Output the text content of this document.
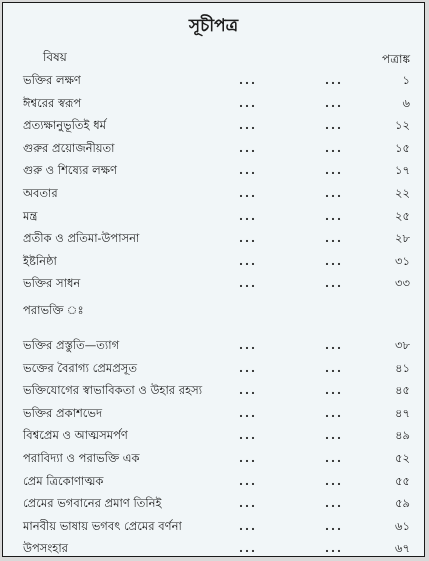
সূচীপত্র
বিষয়	পত্রাঙ্ক
ভক্তির লক্ষণ	...	...	১
ঈশ্বরের স্বরূপ	...	...	৬
প্রত্যক্ষানুভূতিই ধর্ম	...	...	১২
গুরুর প্রয়োজনীয়তা	...	...	১৫
গুরু ও শিষ্যের লক্ষণ	...	...	১৭
অবতার	...	...	২২
মন্ত্র	...	...	২৫
প্রতীক ও প্রতিমা-উপাসনা	...	...	২৮
ইষ্টনিষ্ঠা	...	...	৩১
ভক্তির সাধন	...	...	৩৩
পরাভক্তি ঃ
ভক্তির প্রস্তুতি—ত্যাগ	...	...	৩৮
ভক্তের বৈরাগ্য প্রেমপ্রসূত	...	...	৪১
ভক্তিযোগের স্বাভাবিকতা ও উহার রহস্য	...	...	৪৫
ভক্তির প্রকাশভেদ	...	...	৪৭
বিশ্বপ্রেম ও আত্মসমর্পণ	...	...	৪৯
পরাবিদ্যা ও পরাভক্তি এক	...	...	৫২
প্রেম ত্রিকোণাত্মক	...	...	৫৫
প্রেমের ভগবানের প্রমাণ তিনিই	...	...	৫৯
মানবীয় ভাষায় ভগবৎ প্রেমের বর্ণনা	...	...	৬১
উপসংহার	...	...	৬৭
